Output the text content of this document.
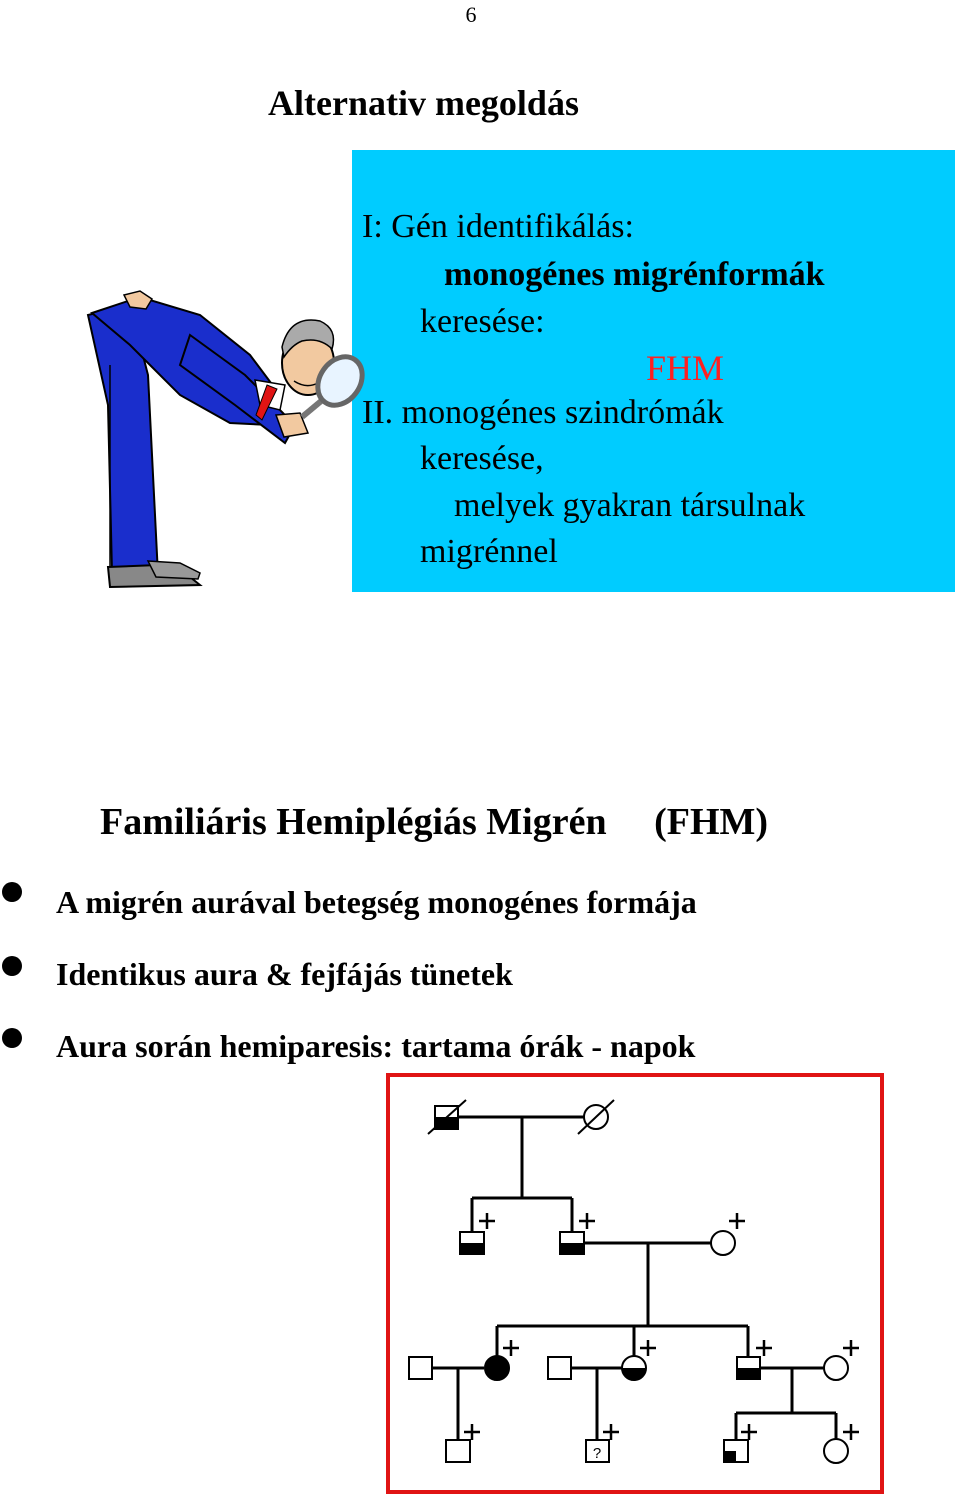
6
Alternativ megoldás
I: Gén identifikálás:
monogénes migrénformák
keresése:
FHM
II. monogénes szindrómák
keresése,
melyek gyakran társulnak
migrénnel
Familiáris Hemiplégiás Migrén     (FHM)
A migrén aurával betegség monogénes formája
Identikus aura & fejfájás tünetek
Aura során hemiparesis: tartama órák - napok
?
